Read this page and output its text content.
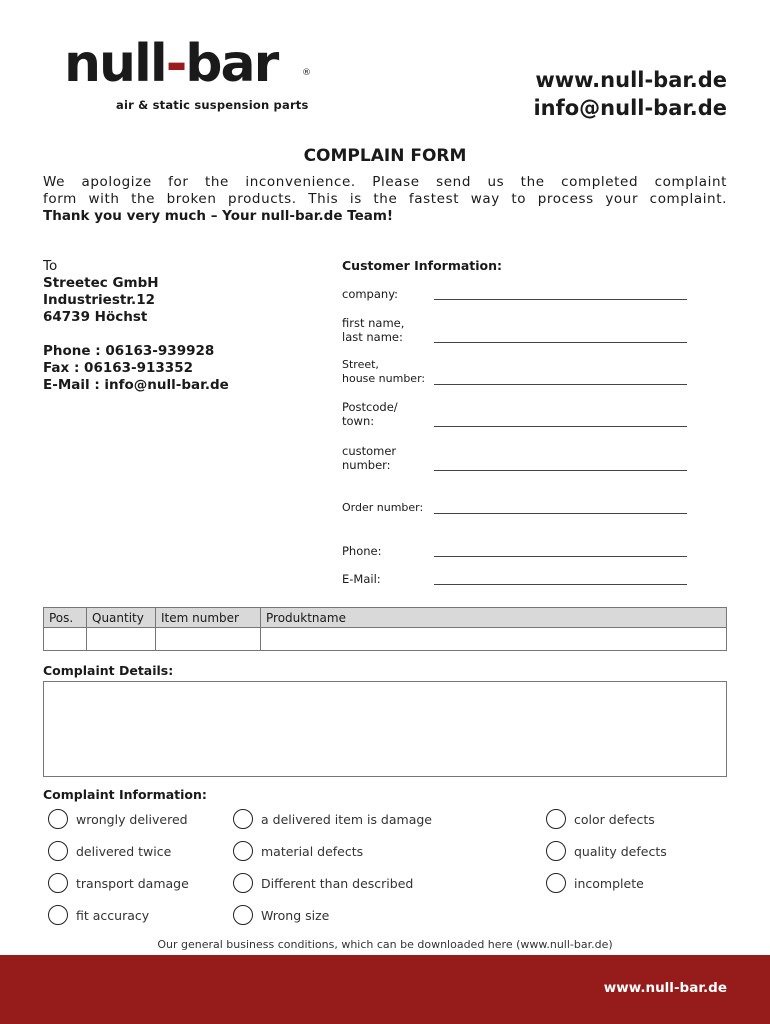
null-bar	®
air & static suspension parts
www.null-bar.de
info@null-bar.de
COMPLAIN FORM
We apologize for the inconvenience. Please send us the completed complaint
form with the broken products. This is the fastest way to process your complaint.
Thank you very much – Your null-bar.de Team!
To
Streetec GmbH
Industriestr.12
64739 Höchst
Phone : 06163-939928
Fax : 06163-913352
E-Mail : info@null-bar.de
Customer Information:
company:
first name,
last name:
Street,
house number:
Postcode/
town:
customer
number:
Order number:
Phone:
E-Mail:
Pos.	Quantity	Item number	Produktname

Complaint Details:
Complaint Information:
wrongly delivered
delivered twice
transport damage
fit accuracy
a delivered item is damage
material defects
Different than described
Wrong size
color defects
quality defects
incomplete
Our general business conditions, which can be downloaded here (www.null-bar.de)
www.null-bar.de
